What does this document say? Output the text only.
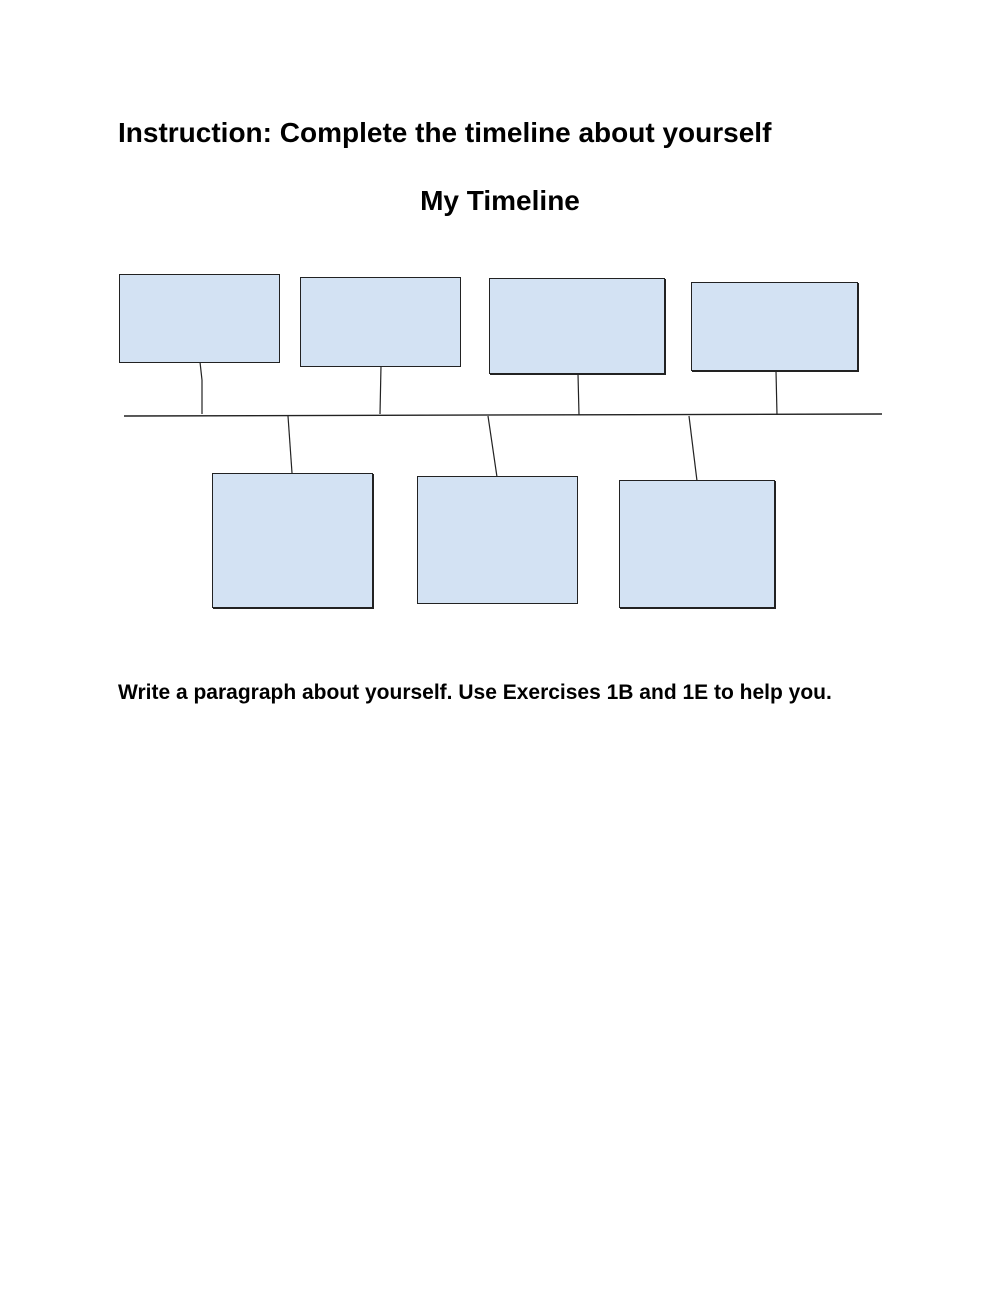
Instruction: Complete the timeline about yourself
My Timeline

Write a paragraph about yourself. Use Exercises 1B and 1E to help you.
